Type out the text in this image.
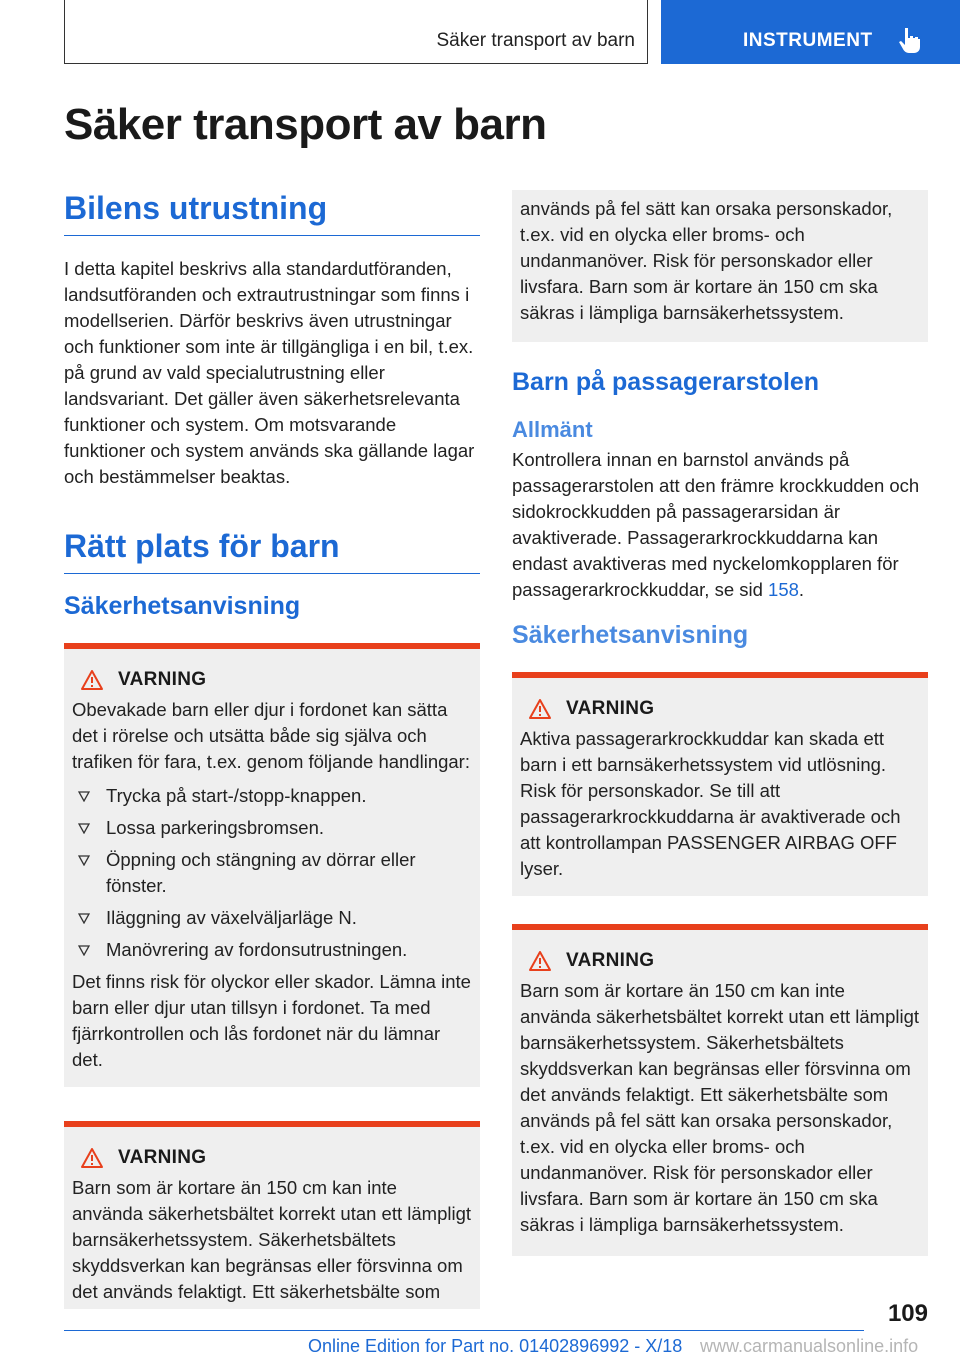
Säker transport av barn	INSTRUMENT
Säker transport av barn
Bilens utrustning

I detta kapitel beskrivs alla standardutföranden, landsutföranden och extrautrustningar som finns i modellserien. Därför beskrivs även utrustningar och funktioner som inte är tillgängliga i en bil, t.ex. på grund av vald specialutrustning eller landsvariant. Det gäller även säkerhetsrelevanta funktioner och system. Om motsvarande funktioner och system används ska gällande lagar och bestämmelser beaktas.

Rätt plats för barn
Säkerhetsanvisning
VARNING

Obevakade barn eller djur i fordonet kan sätta det i rörelse och utsätta både sig själva och trafiken för fara, t.ex. genom följande handlingar:

Trycka på start-/stopp-knappen.
Lossa parkeringsbromsen.
Öppning och stängning av dörrar eller fönster.
Iläggning av växelväljarläge N.
Manövrering av fordonsutrustningen.

Det finns risk för olyckor eller skador. Lämna inte barn eller djur utan tillsyn i fordonet. Ta med fjärrkontrollen och lås fordonet när du lämnar det.

VARNING

Barn som är kortare än 150 cm kan inte använda säkerhetsbältet korrekt utan ett lämpligt barnsäkerhetssystem. Säkerhetsbältets skyddsverkan kan begränsas eller försvinna om det används felaktigt. Ett säkerhetsbälte som

används på fel sätt kan orsaka personskador, t.ex. vid en olycka eller broms- och undanmanöver. Risk för personskador eller livsfara. Barn som är kortare än 150 cm ska säkras i lämpliga barnsäkerhetssystem.

Barn på passagerarstolen
Allmänt

Kontrollera innan en barnstol används på passagerarstolen att den främre krockkudden och sidokrockkudden på passagerarsidan är avaktiverade. Passagerarkrockkuddarna kan endast avaktiveras med nyckelomkopplaren för passagerarkrockkuddar, se sid 158.

Säkerhetsanvisning
VARNING

Aktiva passagerarkrockkuddar kan skada ett barn i ett barnsäkerhetssystem vid utlösning. Risk för personskador. Se till att passagerarkrockkuddarna är avaktiverade och att kontrollampan PASSENGER AIRBAG OFF lyser.

VARNING

Barn som är kortare än 150 cm kan inte använda säkerhetsbältet korrekt utan ett lämpligt barnsäkerhetssystem. Säkerhetsbältets skyddsverkan kan begränsas eller försvinna om det används felaktigt. Ett säkerhetsbälte som används på fel sätt kan orsaka personskador, t.ex. vid en olycka eller broms- och undanmanöver. Risk för personskador eller livsfara. Barn som är kortare än 150 cm ska säkras i lämpliga barnsäkerhetssystem.

109
Online Edition for Part no. 01402896992 - X/18 www.carmanualsonline.info
